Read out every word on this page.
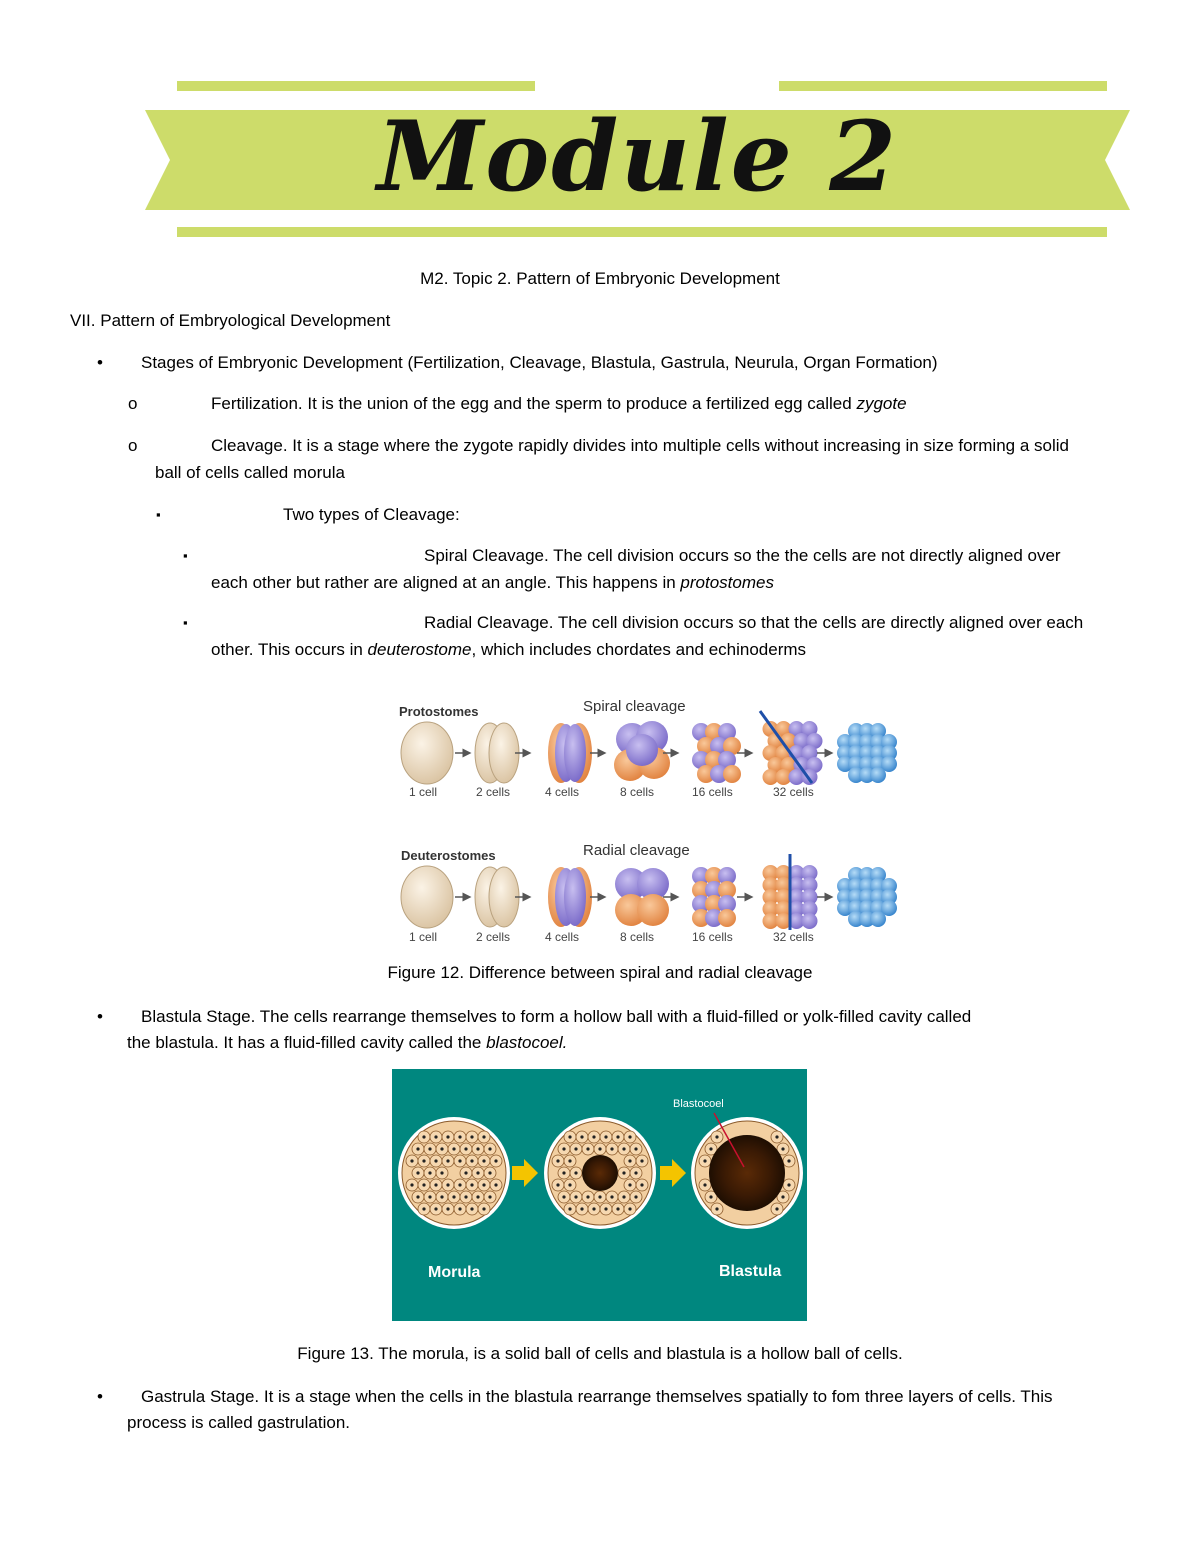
Module 2
M2. Topic 2. Pattern of Embryonic Development
VII. Pattern of Embryological Development
• Stages of Embryonic Development (Fertilization, Cleavage, Blastula, Gastrula, Neurula, Organ Formation)
o	Fertilization. It is the union of the egg and the sperm to produce a fertilized egg called zygote
o	Cleavage. It is a stage where the zygote rapidly divides into multiple cells without increasing in size forming a solid
ball of cells called morula
▪	Two types of Cleavage:
▪	Spiral Cleavage. The cell division occurs so the the cells are not directly aligned over
each other but rather are aligned at an angle. This happens in protostomes
▪	Radial Cleavage. The cell division occurs so that the cells are directly aligned over each
other. This occurs in deuterostome, which includes chordates and echinoderms
Protostomes	Spiral cleavage
1 cell	2 cells	4 cells	8 cells	16 cells	32 cells
Deuterostomes	Radial cleavage
1 cell	2 cells	4 cells	8 cells	16 cells	32 cells
Figure 12. Difference between spiral and radial cleavage
• Blastula Stage. The cells rearrange themselves to form a hollow ball with a fluid-filled or yolk-filled cavity called
the blastula. It has a fluid-filled cavity called the blastocoel.
Blastocoel
Morula	Blastula
Figure 13. The morula, is a solid ball of cells and blastula is a hollow ball of cells.
• Gastrula Stage. It is a stage when the cells in the blastula rearrange themselves spatially to fom three layers of cells. This
process is called gastrulation.
